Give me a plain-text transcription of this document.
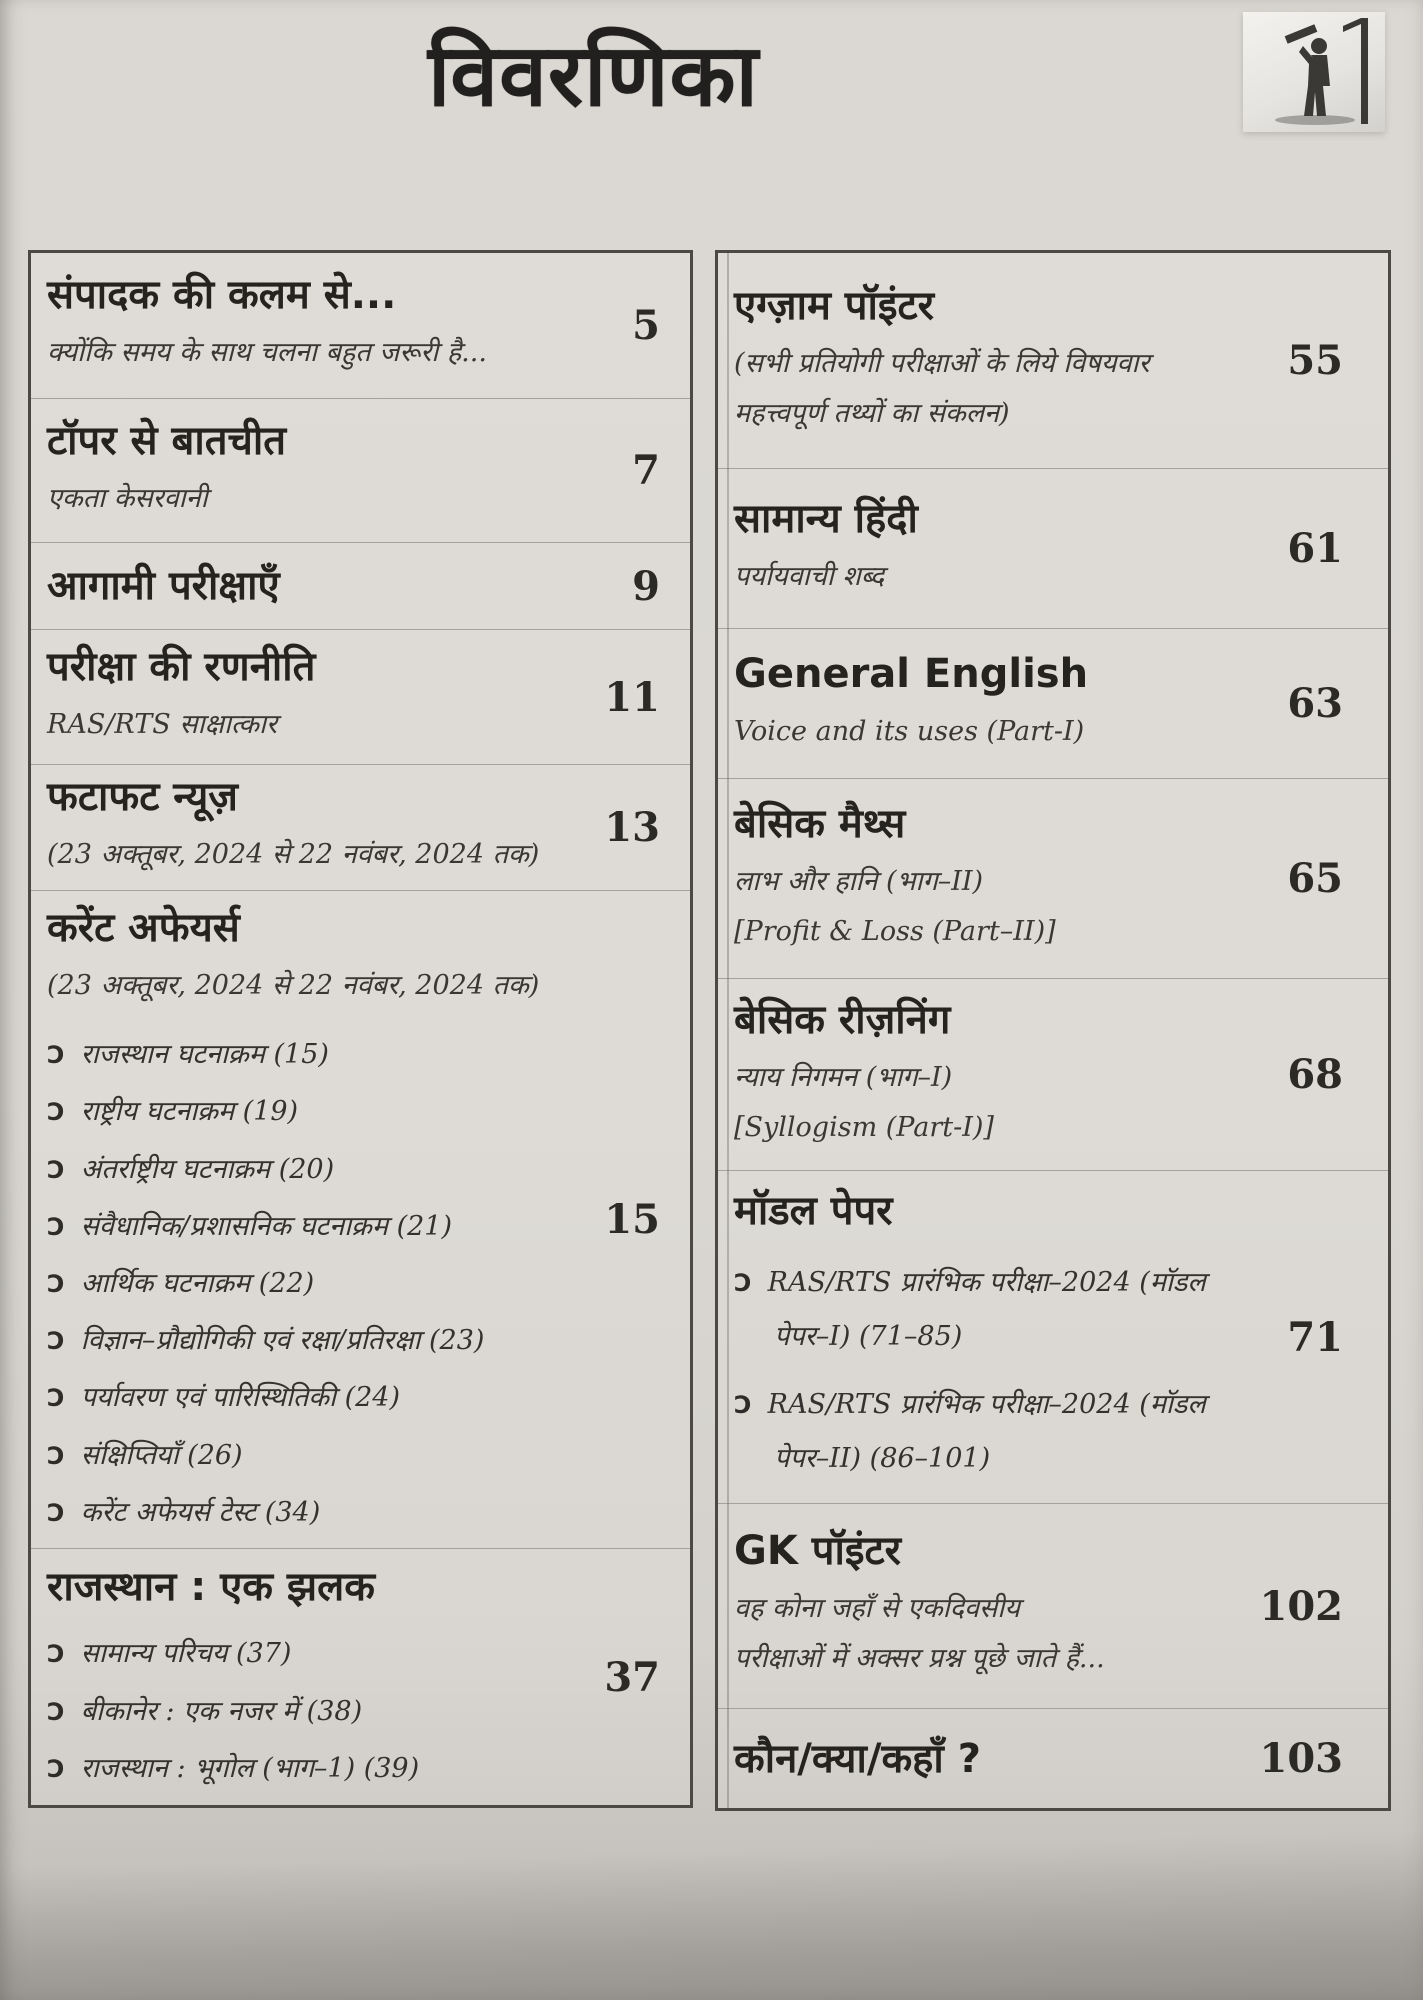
विवरणिका
संपादक की कलम से...
क्योंकि समय के साथ चलना बहुत जरूरी है...
5
टॉपर से बातचीत
एकता केसरवानी
7
आगामी परीक्षाएँ	9
परीक्षा की रणनीति
RAS/RTS साक्षात्कार
11
फटाफट न्यूज़
(23 अक्तूबर, 2024 से 22 नवंबर, 2024 तक)
13
करेंट अफेयर्स
(23 अक्तूबर, 2024 से 22 नवंबर, 2024 तक)
Ɔ राजस्थान घटनाक्रम (15)
Ɔ राष्ट्रीय घटनाक्रम (19)
Ɔ अंतर्राष्ट्रीय घटनाक्रम (20)
Ɔ संवैधानिक/प्रशासनिक घटनाक्रम (21)
Ɔ आर्थिक घटनाक्रम (22)
Ɔ विज्ञान–प्रौद्योगिकी एवं रक्षा/प्रतिरक्षा (23)
Ɔ पर्यावरण एवं पारिस्थितिकी (24)
Ɔ संक्षिप्तियाँ (26)
Ɔ करेंट अफेयर्स टेस्ट (34)
15
राजस्थान : एक झलक
Ɔ सामान्य परिचय (37)
Ɔ बीकानेर : एक नजर में (38)
Ɔ राजस्थान : भूगोल (भाग–1) (39)
37
एग्ज़ाम पॉइंटर
(सभी प्रतियोगी परीक्षाओं के लिये विषयवार
महत्त्वपूर्ण तथ्यों का संकलन)
55
सामान्य हिंदी
पर्यायवाची शब्द
61
General English
Voice and its uses (Part-I)
63
बेसिक मैथ्स
लाभ और हानि (भाग–II)
[Profit & Loss (Part–II)]
65
बेसिक रीज़निंग
न्याय निगमन (भाग–I)
[Syllogism (Part-I)]
68
मॉडल पेपर
Ɔ RAS/RTS प्रारंभिक परीक्षा–2024 (मॉडल पेपर–I) (71–85)
Ɔ RAS/RTS प्रारंभिक परीक्षा–2024 (मॉडल पेपर–II) (86–101)
71
GK पॉइंटर
वह कोना जहाँ से एकदिवसीय
परीक्षाओं में अक्सर प्रश्न पूछे जाते हैं...
102
कौन/क्या/कहाँ ?	103
